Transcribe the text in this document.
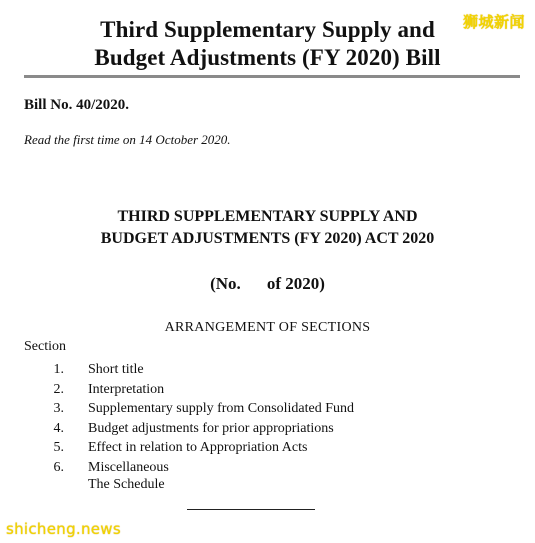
Third Supplementary Supply and
Budget Adjustments (FY 2020) Bill
狮城新闻
Bill No. 40/2020.
Read the first time on 14 October 2020.
THIRD SUPPLEMENTARY SUPPLY AND
BUDGET ADJUSTMENTS (FY 2020) ACT 2020
(No. of 2020)
ARRANGEMENT OF SECTIONS
Section
1. Short title
2. Interpretation
3. Supplementary supply from Consolidated Fund
4. Budget adjustments for prior appropriations
5. Effect in relation to Appropriation Acts
6. Miscellaneous
The Schedule
shicheng.news
